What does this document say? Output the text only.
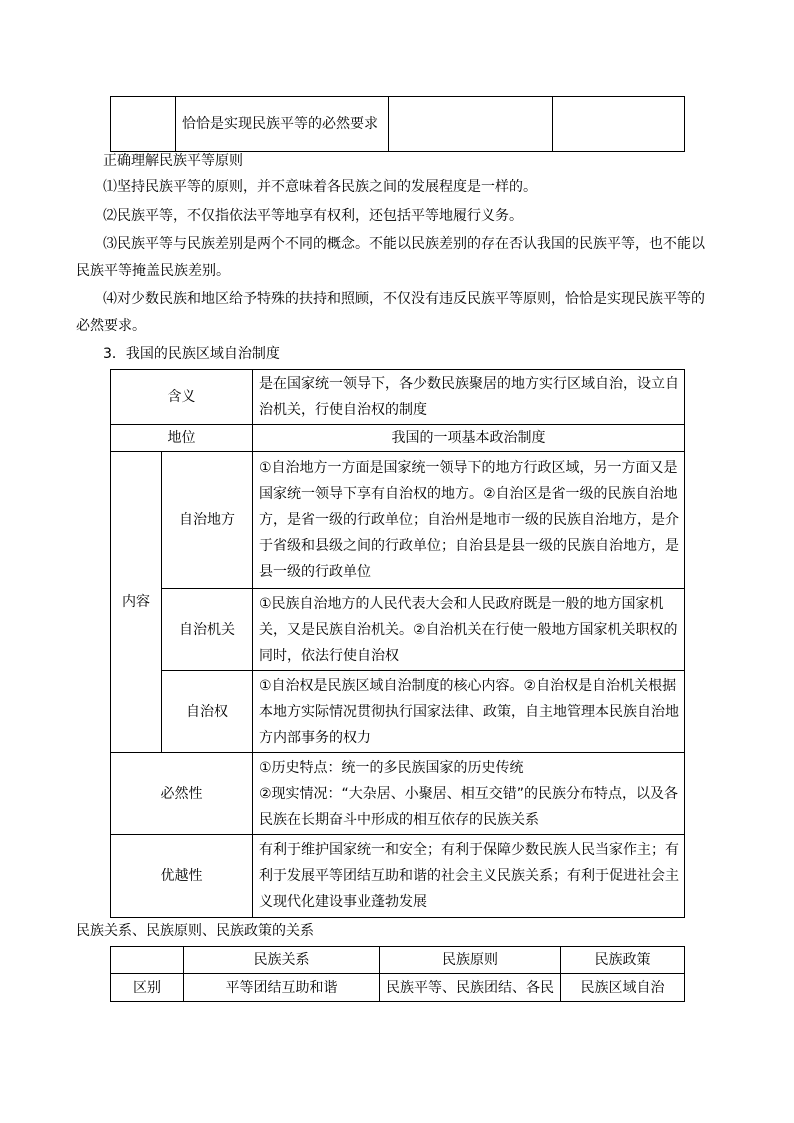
	恰恰是实现民族平等的必然要求		
正确理解民族平等原则
⑴坚持民族平等的原则，并不意味着各民族之间的发展程度是一样的。
⑵民族平等，不仅指依法平等地享有权利，还包括平等地履行义务。
⑶民族平等与民族差别是两个不同的概念。不能以民族差别的存在否认我国的民族平等，也不能以
民族平等掩盖民族差别。
⑷对少数民族和地区给予特殊的扶持和照顾，不仅没有违反民族平等原则，恰恰是实现民族平等的
必然要求。
3．我国的民族区域自治制度
含义		是在国家统一领导下，各少数民族聚居的地方实行区域自治，设立自治机关，行使自治权的制度
地位		我国的一项基本政治制度
内容	自治地方	①自治地方一方面是国家统一领导下的地方行政区域，另一方面又是国家统一领导下享有自治权的地方。②自治区是省一级的民族自治地方，是省一级的行政单位；自治州是地市一级的民族自治地方，是介于省级和县级之间的行政单位；自治县是县一级的民族自治地方，是县一级的行政单位
	自治机关	①民族自治地方的人民代表大会和人民政府既是一般的地方国家机关，又是民族自治机关。②自治机关在行使一般地方国家机关职权的同时，依法行使自治权
	自治权	①自治权是民族区域自治制度的核心内容。②自治权是自治机关根据本地方实际情况贯彻执行国家法律、政策，自主地管理本民族自治地方内部事务的权力
必然性		①历史特点：统一的多民族国家的历史传统
②现实情况：“大杂居、小聚居、相互交错”的民族分布特点，以及各民族在长期奋斗中形成的相互依存的民族关系

优越性		有利于维护国家统一和安全；有利于保障少数民族人民当家作主；有利于发展平等团结互助和谐的社会主义民族关系；有利于促进社会主义现代化建设事业蓬勃发展
民族关系、民族原则、民族政策的关系
	民族关系	民族原则	民族政策
区别	平等团结互助和谐	民族平等、民族团结、各民	民族区域自治
